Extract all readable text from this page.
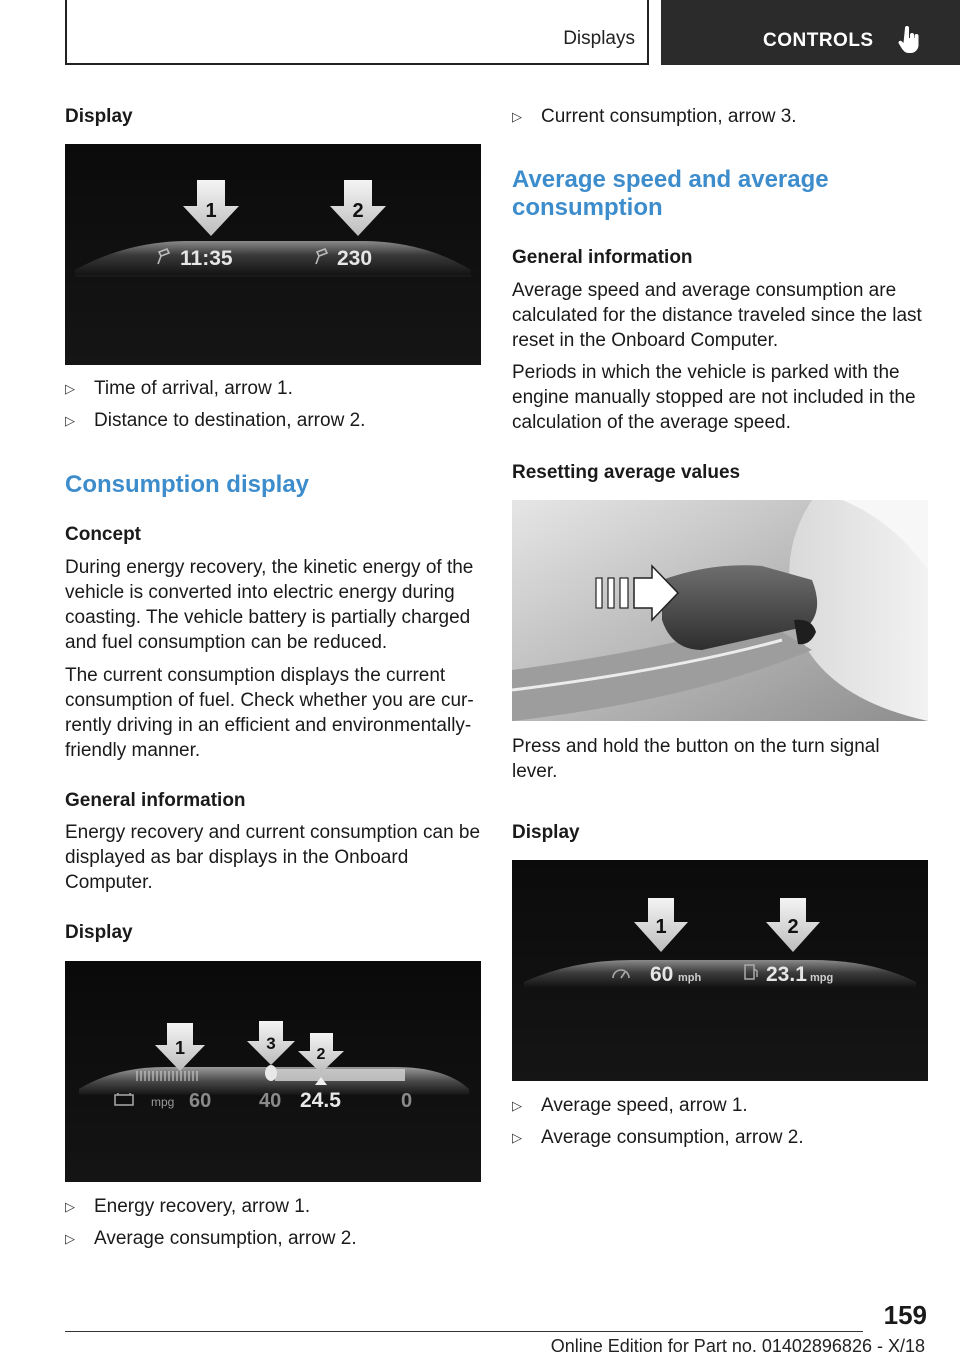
Displays	CONTROLS
Display
1	2
11:35	230
▷	Time of arrival, arrow 1.
▷	Distance to destination, arrow 2.
Consumption display
Concept
During energy recovery, the kinetic energy of the vehicle is converted into electric energy during coasting. The vehicle battery is partially charged and fuel consumption can be reduced.
The current consumption displays the current consumption of fuel. Check whether you are cur‐rently driving in an efficient and environmentally-friendly manner.
General information
Energy recovery and current consumption can be displayed as bar displays in the Onboard Computer.
Display
1	3
2
mpg 60 40 24.5	0
▷	Energy recovery, arrow 1.
▷	Average consumption, arrow 2.
▷	Current consumption, arrow 3.
Average speed and average consumption
General information
Average speed and average consumption are calculated for the distance traveled since the last reset in the Onboard Computer.
Periods in which the vehicle is parked with the engine manually stopped are not included in the calculation of the average speed.
Resetting average values
Press and hold the button on the turn signal lever.
Display
1	2
60 mph	23.1 mpg
▷	Average speed, arrow 1.
▷	Average consumption, arrow 2.
159
Online Edition for Part no. 01402896826 - X/18
